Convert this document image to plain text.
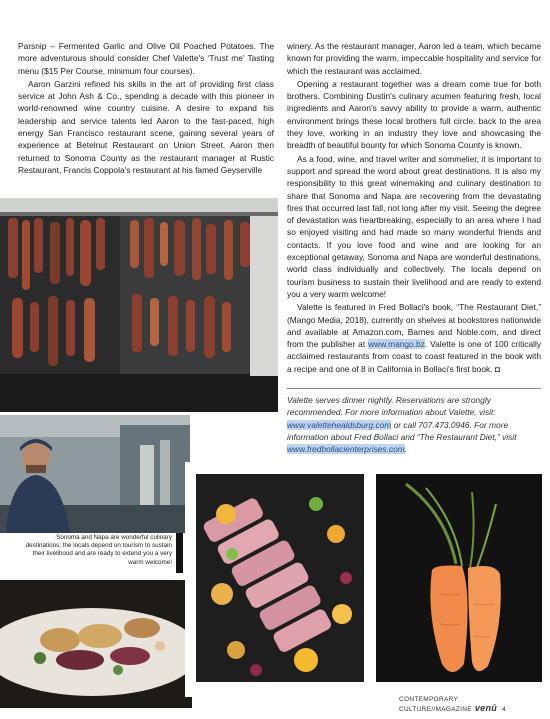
Parsnip – Fermented Garlic and Olive Oil Poached Potatoes. The more adventurous should consider Chef Valette's ‘Trust me’ Tasting menu ($15 Per Course, minimum four courses).

Aaron Garzini refined his skills in the art of providing first class service at John Ash & Co., spending a decade with this pioneer in world-renowned wine country cuisine. A desire to expand his leadership and service talents led Aaron to the fast-paced, high energy San Francisco restaurant scene, gaining several years of experience at Betelnut Restaurant on Union Street. Aaron then returned to Sonoma County as the restaurant manager at Rustic Restaurant, Francis Coppola's restaurant at his famed Geyserville

winery. As the restaurant manager, Aaron led a team, which became known for providing the warm, impeccable hospitality and service for which the restaurant was acclaimed.

Opening a restaurant together was a dream come true for both brothers. Combining Dustin's culinary acumen featuring fresh, local ingredients and Aaron's savvy ability to provide a warm, authentic environment brings these local brothers full circle: back to the area they love, working in an industry they love and showcasing the breadth of beautiful bounty for which Sonoma County is known.

As a food, wine, and travel writer and sommelier, it is important to support and spread the word about great destinations. It is also my responsibility to this great winemaking and culinary destination to share that Sonoma and Napa are recovering from the devastating fires that occurred last fall, not long after my visit. Seeing the degree of devastation was heartbreaking, especially to an area where I had so enjoyed visiting and had made so many wonderful friends and contacts. If you love food and wine and are looking for an exceptional getaway, Sonoma and Napa are wonderful destinations, world class individually and collectively. The locals depend on tourism business to sustain their livelihood and are ready to extend you a very warm welcome!

Valette is featured in Fred Bollaci's book, “The Restaurant Diet,” (Mango Media, 2018), currently on shelves at bookstores nationwide and available at Amazon.com, Barnes and Noble.com, and direct from the publisher at www.mango.bz. Valette is one of 100 critically acclaimed restaurants from coast to coast featured in the book with a recipe and one of 8 in California in Bollaci's first book. ◘

Valette serves dinner nightly. Reservations are strongly recommended. For more information about Valette, visit: www.valettehealdsburg.com or call 707.473.0946. For more information about Fred Bollaci and “The Restaurant Diet,” visit www.fredbollacienterprises.com.
Sonoma and Napa are wonderful culinary destinations; the locals depend on tourism to sustain their livelihood and are ready to extend you a very warm welcome!
CONTEMPORARY CULTURE//MAGAZINE venū 4
